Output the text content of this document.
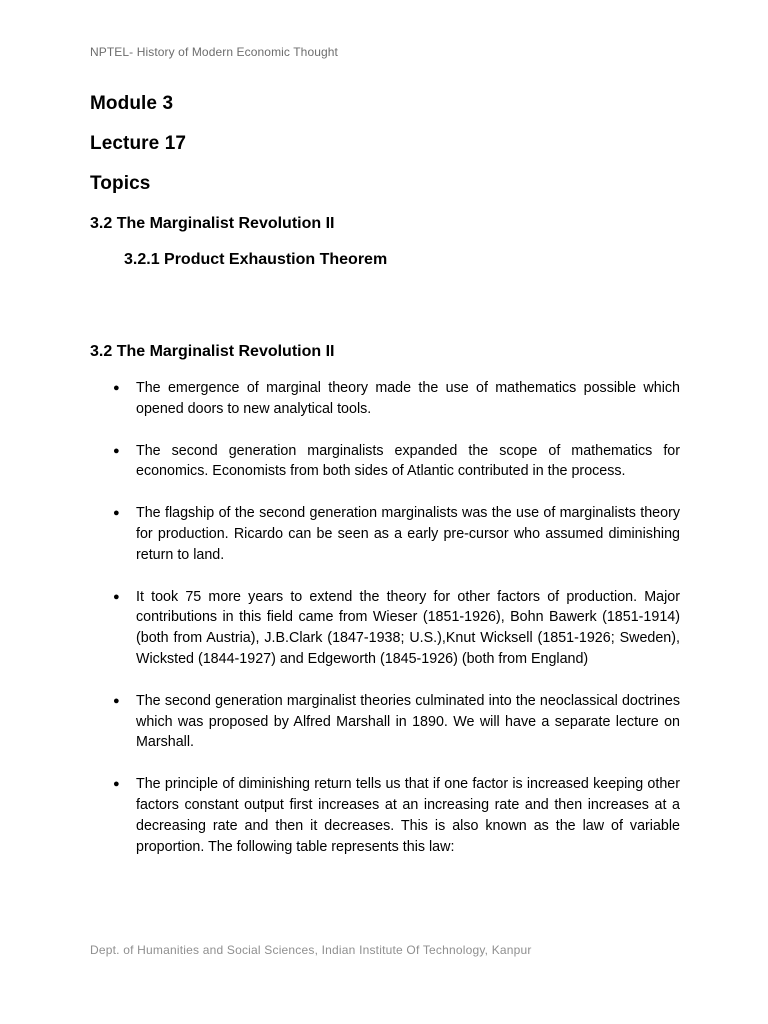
NPTEL- History of Modern Economic Thought
Module 3
Lecture 17
Topics
3.2 The Marginalist Revolution II
3.2.1 Product Exhaustion Theorem
3.2 The Marginalist Revolution II
● The emergence of marginal theory made the use of mathematics possible which opened doors to new analytical tools.
● The second generation marginalists expanded the scope of mathematics for economics. Economists from both sides of Atlantic contributed in the process.
● The flagship of the second generation marginalists was the use of marginalists theory for production. Ricardo can be seen as a early pre-cursor who assumed diminishing return to land.
● It took 75 more years to extend the theory for other factors of production. Major contributions in this field came from Wieser (1851-1926), Bohn Bawerk (1851-1914) (both from Austria), J.B.Clark (1847-1938; U.S.),Knut Wicksell (1851-1926; Sweden), Wicksted (1844-1927) and Edgeworth (1845-1926) (both from England)
● The second generation marginalist theories culminated into the neoclassical doctrines which was proposed by Alfred Marshall in 1890. We will have a separate lecture on Marshall.
● The principle of diminishing return tells us that if one factor is increased keeping other factors constant output first increases at an increasing rate and then increases at a decreasing rate and then it decreases. This is also known as the law of variable proportion. The following table represents this law:
Dept. of Humanities and Social Sciences, Indian Institute Of Technology, Kanpur
